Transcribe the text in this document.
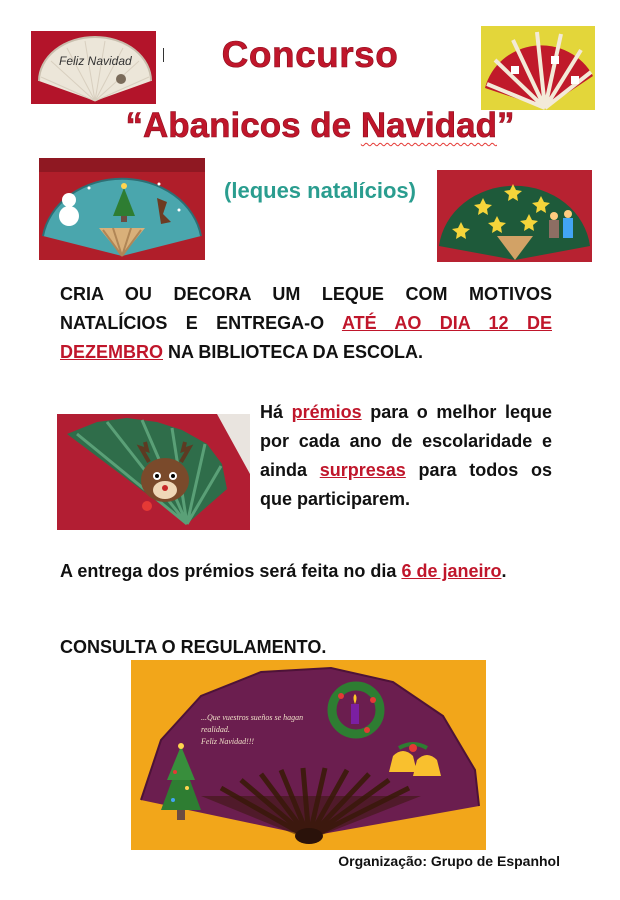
Feliz Navidad	Concurso
“Abanicos de Navidad”
(leques natalícios)
CRIA OU DECORA UM LEQUE COM MOTIVOS NATALÍCIOS E ENTREGA-O ATÉ AO DIA 12 DE DEZEMBRO NA BIBLIOTECA DA ESCOLA.
Há prémios para o melhor leque por cada ano de escolaridade e ainda surpresas para todos os que participarem.
A entrega dos prémios será feita no dia 6 de janeiro.
CONSULTA O REGULAMENTO.
...Que vuestros sueños se hagan
realidad.
Feliz Navidad!!!
Organização: Grupo de Espanhol
